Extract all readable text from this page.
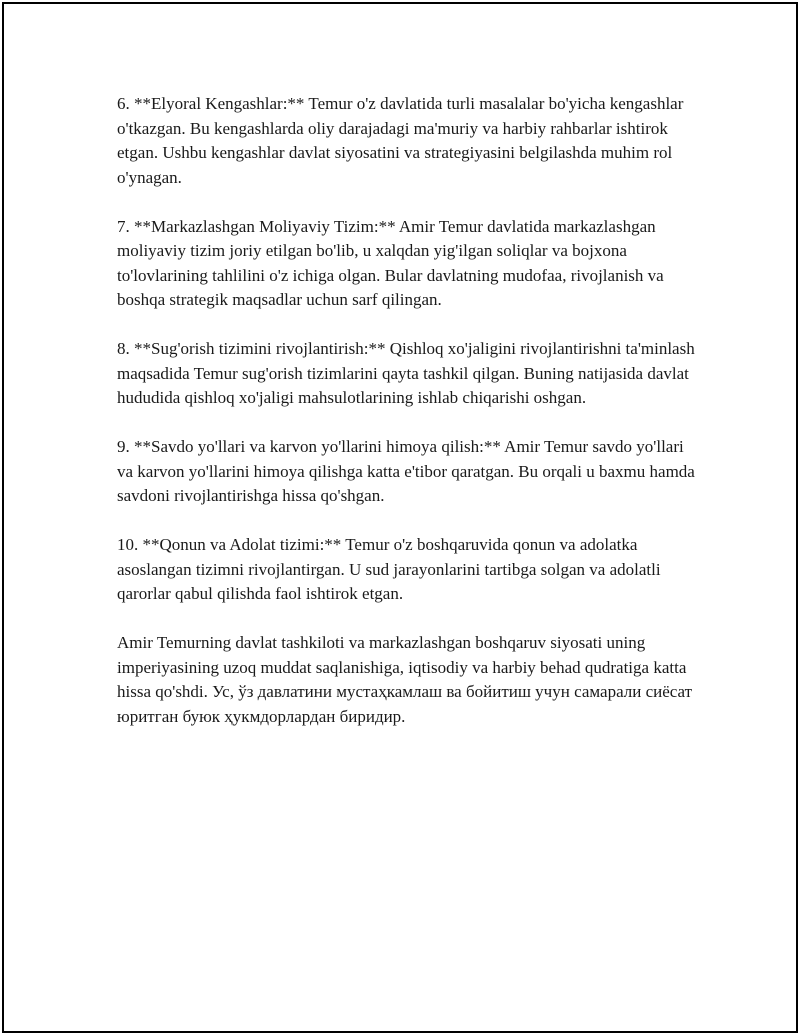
6. **Elyoral Kengashlar:** Temur o'z davlatida turli masalalar bo'yicha kengashlar o'tkazgan. Bu kengashlarda oliy darajadagi ma'muriy va harbiy rahbarlar ishtirok etgan. Ushbu kengashlar davlat siyosatini va strategiyasini belgilashda muhim rol o'ynagan.

7. **Markazlashgan Moliyaviy Tizim:** Amir Temur davlatida markazlashgan moliyaviy tizim joriy etilgan bo'lib, u xalqdan yig'ilgan soliqlar va bojxona to'lovlarining tahlilini o'z ichiga olgan. Bular davlatning mudofaa, rivojlanish va boshqa strategik maqsadlar uchun sarf qilingan.

8. **Sug'orish tizimini rivojlantirish:** Qishloq xo'jaligini rivojlantirishni ta'minlash maqsadida Temur sug'orish tizimlarini qayta tashkil qilgan. Buning natijasida davlat hududida qishloq xo'jaligi mahsulotlarining ishlab chiqarishi oshgan.

9. **Savdo yo'llari va karvon yo'llarini himoya qilish:** Amir Temur savdo yo'llari va karvon yo'llarini himoya qilishga katta e'tibor qaratgan. Bu orqali u baxmu hamda savdoni rivojlantirishga hissa qo'shgan.

10. **Qonun va Adolat tizimi:** Temur o'z boshqaruvida qonun va adolatka asoslangan tizimni rivojlantirgan. U sud jarayonlarini tartibga solgan va adolatli qarorlar qabul qilishda faol ishtirok etgan.

Amir Temurning davlat tashkiloti va markazlashgan boshqaruv siyosati uning imperiyasining uzoq muddat saqlanishiga, iqtisodiy va harbiy behad qudratiga katta hissa qo'shdi. Ус, ўз давлатини мустаҳкамлаш ва бойитиш учун самарали сиёсат юритган буюк ҳукмдорлардан биридир.
